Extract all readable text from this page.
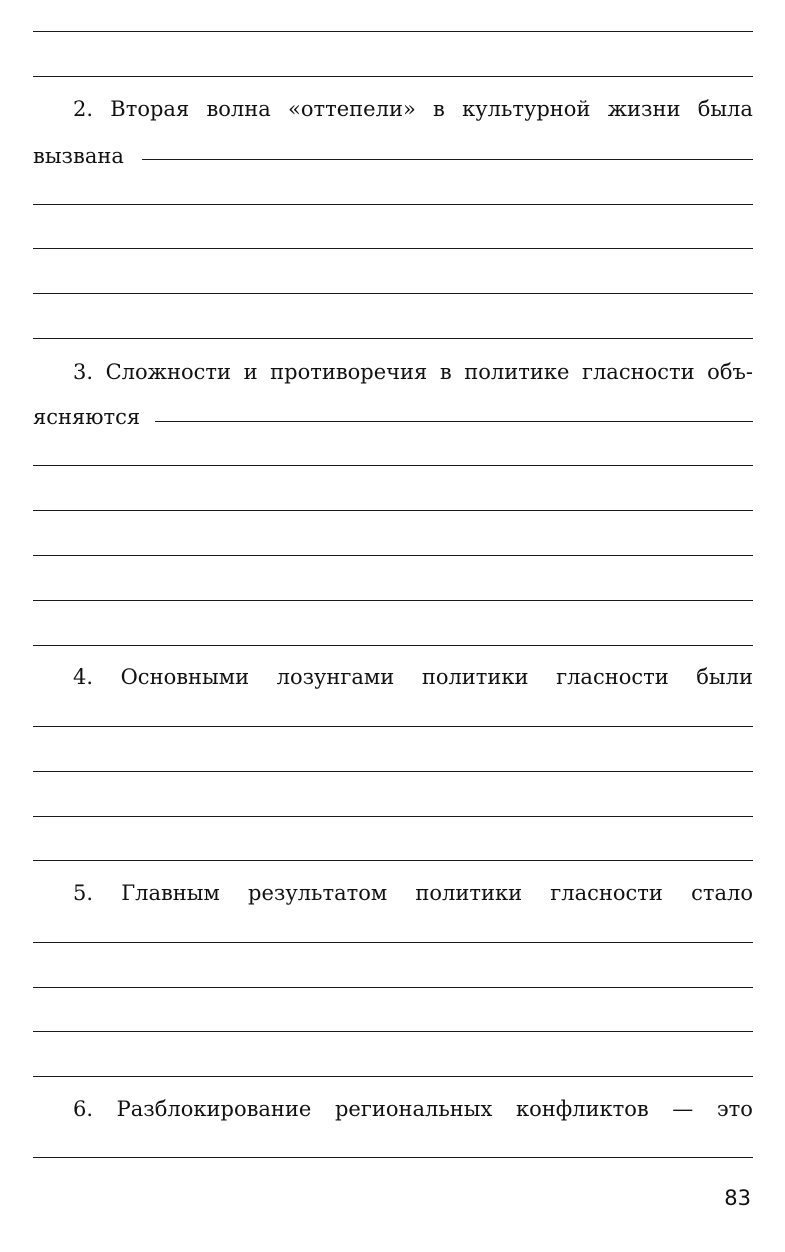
2. Вторая волна «оттепели» в культурной жизни была
вызвана
3. Сложности и противоречия в политике гласности объ-
ясняются
4. Основными лозунгами политики гласности были
5. Главным результатом политики гласности стало
6. Разблокирование региональных конфликтов — это
83
